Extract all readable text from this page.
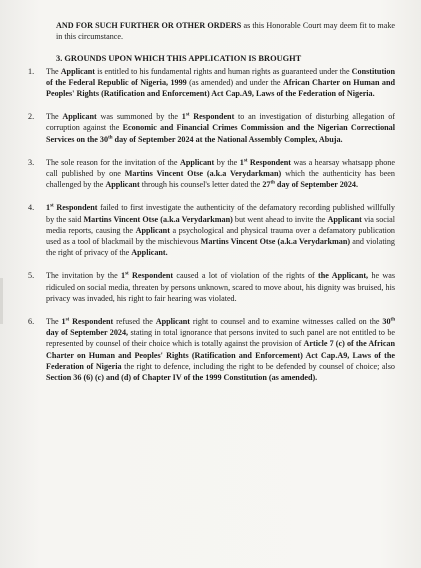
AND FOR SUCH FURTHER OR OTHER ORDERS as this Honorable Court may deem fit to make in this circumstance.

3. GROUNDS UPON WHICH THIS APPLICATION IS BROUGHT

1.	The Applicant is entitled to his fundamental rights and human rights as guaranteed under the Constitution of the Federal Republic of Nigeria, 1999 (as amended) and under the African Charter on Human and Peoples' Rights (Ratification and Enforcement) Act Cap.A9, Laws of the Federation of Nigeria.

2.	The Applicant was summoned by the 1st Respondent to an investigation of disturbing allegation of corruption against the Economic and Financial Crimes Commission and the Nigerian Correctional Services on the 30th day of September 2024 at the National Assembly Complex, Abuja.

3.	The sole reason for the invitation of the Applicant by the 1st Respondent was a hearsay whatsapp phone call published by one Martins Vincent Otse (a.k.a Verydarkman) which the authenticity has been challenged by the Applicant through his counsel's letter dated the 27th day of September 2024.

4.	1st Respondent failed to first investigate the authenticity of the defamatory recording published willfully by the said Martins Vincent Otse (a.k.a Verydarkman) but went ahead to invite the Applicant via social media reports, causing the Applicant a psychological and physical trauma over a defamatory publication used as a tool of blackmail by the mischievous Martins Vincent Otse (a.k.a Verydarkman) and violating the right of privacy of the Applicant.

5.	The invitation by the 1st Respondent caused a lot of violation of the rights of the Applicant, he was ridiculed on social media, threaten by persons unknown, scared to move about, his dignity was bruised, his privacy was invaded, his right to fair hearing was violated.

6.	The 1st Respondent refused the Applicant right to counsel and to examine witnesses called on the 30th day of September 2024, stating in total ignorance that persons invited to such panel are not entitled to be represented by counsel of their choice which is totally against the provision of Article 7 (c) of the African Charter on Human and Peoples' Rights (Ratification and Enforcement) Act Cap.A9, Laws of the Federation of Nigeria the right to defence, including the right to be defended by counsel of choice; also Section 36 (6) (c) and (d) of Chapter IV of the 1999 Constitution (as amended).
